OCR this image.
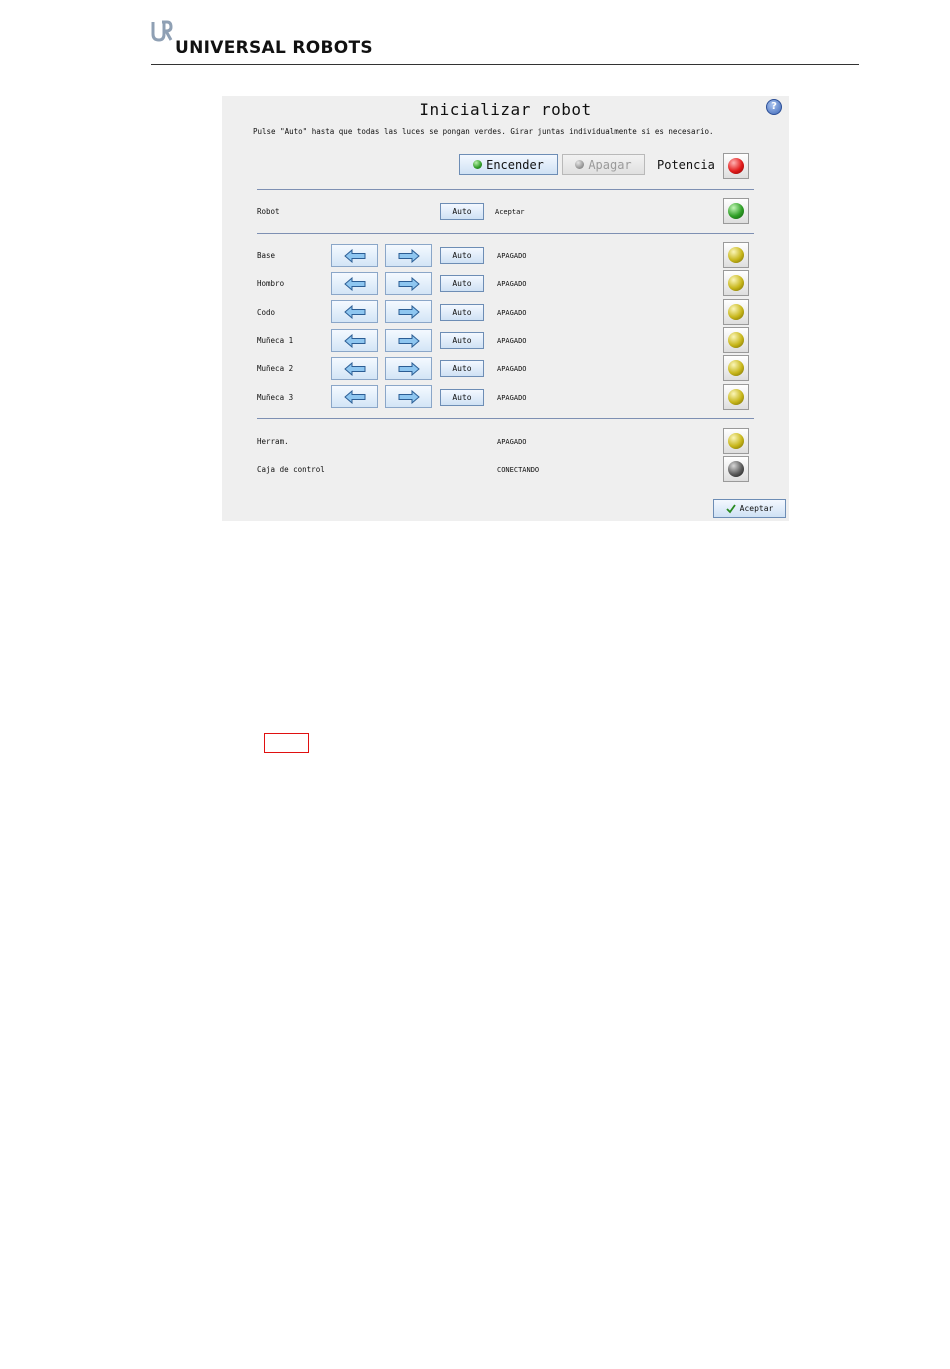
UNIVERSAL ROBOTS
Inicializar robot	?
Pulse "Auto" hasta que todas las luces se pongan verdes. Girar juntas individualmente si es necesario.
Encender	Apagar Potencia
Robot	Auto	Aceptar
Base	Auto	APAGADO
Hombro	Auto	APAGADO
Codo	Auto	APAGADO
Muñeca 1	Auto	APAGADO
Muñeca 2	Auto	APAGADO
Muñeca 3	Auto	APAGADO
Herram.	APAGADO
Caja de control	CONECTANDO
Aceptar
